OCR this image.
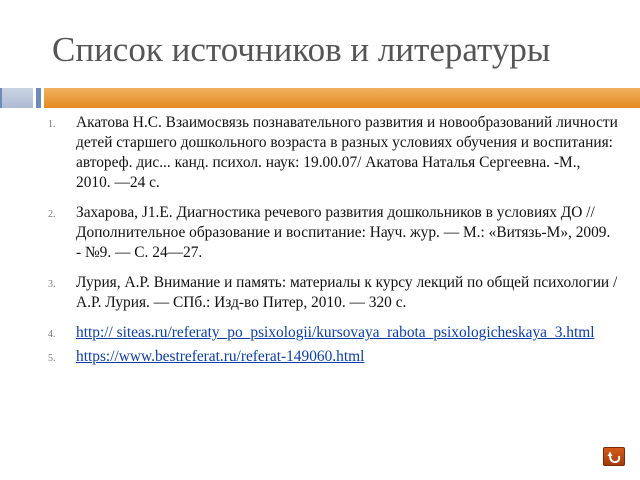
Список источников и литературы
1. Акатова Н.С. Взаимосвязь познавательного развития и новообразований личности детей старшего дошкольного возраста в разных условиях обучения и воспитания: автореф. дис... канд. психол. наук: 19.00.07/ Акатова Наталья Сергеевна. -М., 2010. —24 с.
2. Захарова, J1.Е. Диагностика речевого развития дошкольников в условиях ДО // Дополнительное образование и воспитание: Науч. жур. — М.: «Витязь-М», 2009. - №9. — С. 24—27.
3. Лурия, А.Р. Внимание и память: материалы к курсу лекций по общей психологии / А.Р. Лурия. — СПб.: Изд-во Питер, 2010. — 320 с.
4. http:// siteas.ru/referaty_po_psixologii/kursovaya_rabota_psixologicheskaya_3.html
5. https://www.bestreferat.ru/referat-149060.html
